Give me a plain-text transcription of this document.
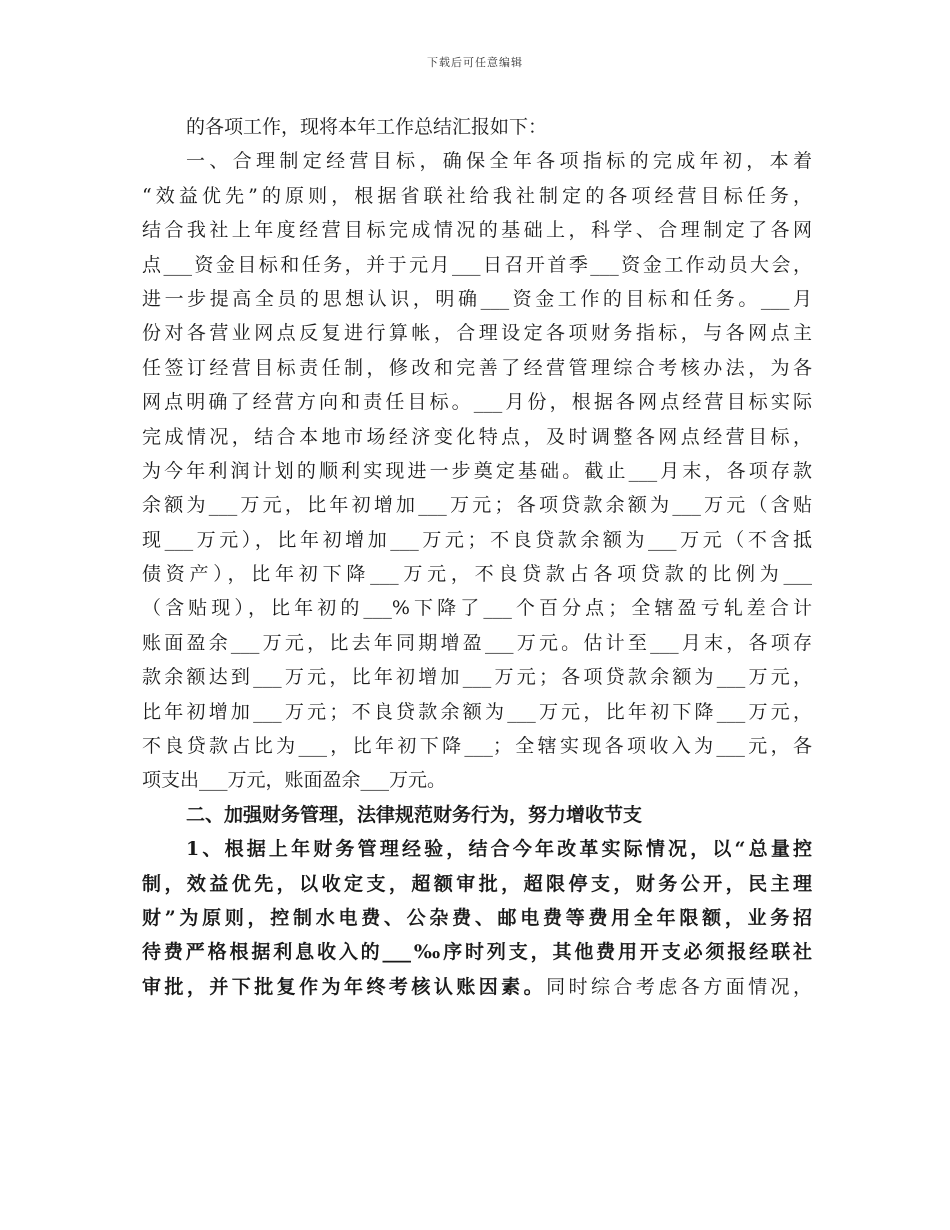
下载后可任意编辑
的各项工作，现将本年工作总结汇报如下：
一、合理制定经营目标，确保全年各项指标的完成年初，本着
“效益优先”的原则，根据省联社给我社制定的各项经营目标任务，
结合我社上年度经营目标完成情况的基础上，科学、合理制定了各网
点___资金目标和任务，并于元月___日召开首季___资金工作动员大会，
进一步提高全员的思想认识，明确___资金工作的目标和任务。___月
份对各营业网点反复进行算帐，合理设定各项财务指标，与各网点主
任签订经营目标责任制，修改和完善了经营管理综合考核办法，为各
网点明确了经营方向和责任目标。___月份，根据各网点经营目标实际
完成情况，结合本地市场经济变化特点，及时调整各网点经营目标，
为今年利润计划的顺利实现进一步奠定基础。截止___月末，各项存款
余额为___万元，比年初增加___万元；各项贷款余额为___万元（含贴
现___万元），比年初增加___万元；不良贷款余额为___万元（不含抵
债资产），比年初下降___万元，不良贷款占各项贷款的比例为___
（含贴现），比年初的___%下降了___个百分点；全辖盈亏轧差合计
账面盈余___万元，比去年同期增盈___万元。估计至___月末，各项存
款余额达到___万元，比年初增加___万元；各项贷款余额为___万元，
比年初增加___万元；不良贷款余额为___万元，比年初下降___万元，
不良贷款占比为___，比年初下降___；全辖实现各项收入为___元，各
项支出___万元，账面盈余___万元。
二、加强财务管理，法律规范财务行为，努力增收节支
1、根据上年财务管理经验，结合今年改革实际情况，以“总量控
制，效益优先，以收定支，超额审批，超限停支，财务公开，民主理
财”为原则，控制水电费、公杂费、邮电费等费用全年限额，业务招
待费严格根据利息收入的___‰序时列支，其他费用开支必须报经联社
审批，并下批复作为年终考核认账因素。同时综合考虑各方面情况，
